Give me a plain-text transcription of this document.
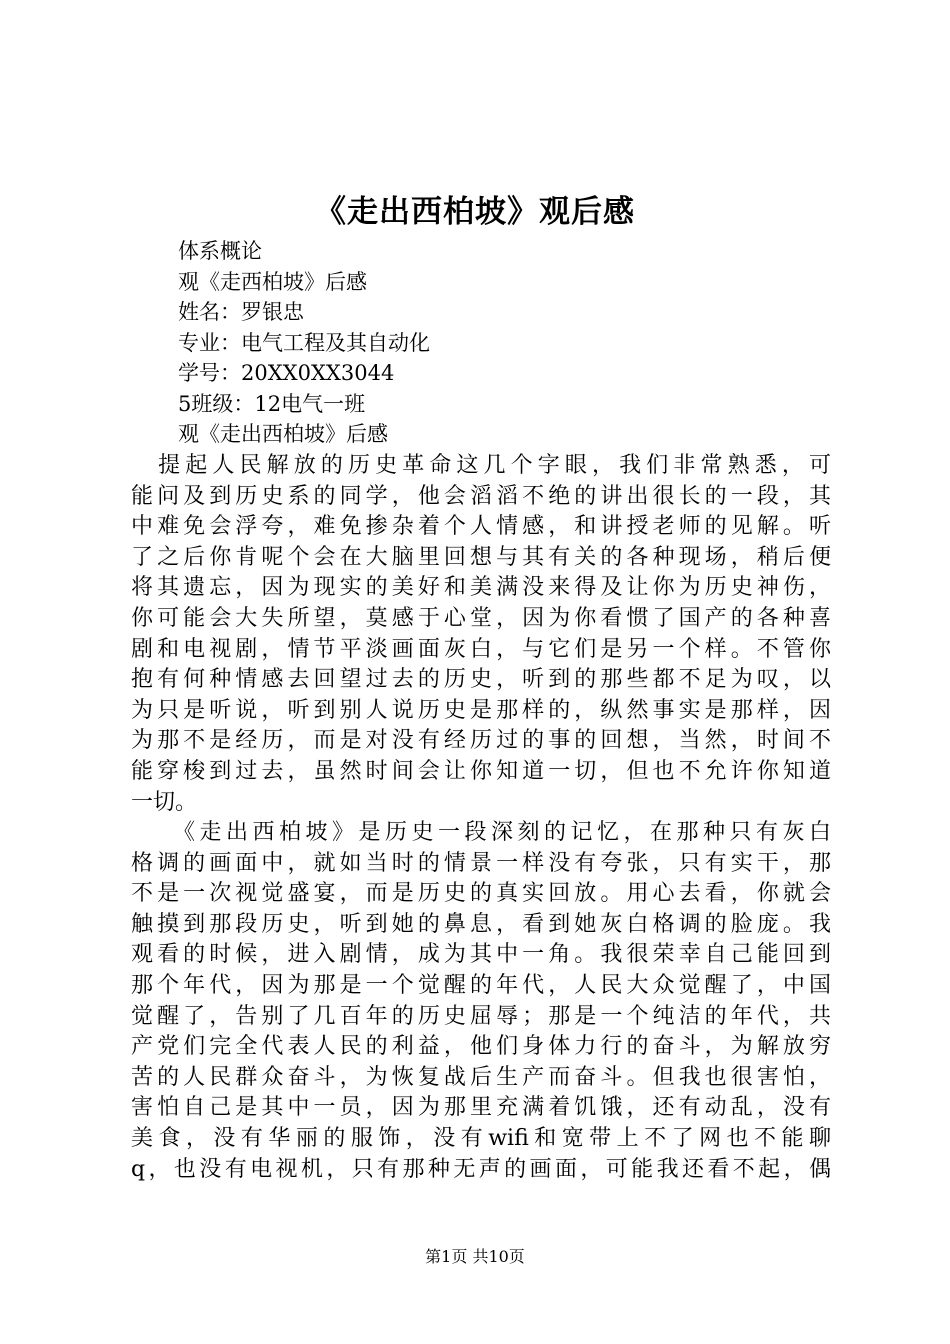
《走出西柏坡》观后感
体系概论
观《走西柏坡》后感
姓名：罗银忠
专业：电气工程及其自动化
学号：20XX0XX3044
5班级：12电气一班
观《走出西柏坡》后感
　提起人民解放的历史革命这几个字眼，我们非常熟悉，可
能问及到历史系的同学，他会滔滔不绝的讲出很长的一段，其
中难免会浮夸，难免掺杂着个人情感，和讲授老师的见解。听
了之后你肯呢个会在大脑里回想与其有关的各种现场，稍后便
将其遗忘，因为现实的美好和美满没来得及让你为历史神伤，
你可能会大失所望，莫感于心堂，因为你看惯了国产的各种喜
剧和电视剧，情节平淡画面灰白，与它们是另一个样。不管你
抱有何种情感去回望过去的历史，听到的那些都不足为叹，以
为只是听说，听到别人说历史是那样的，纵然事实是那样，因
为那不是经历，而是对没有经历过的事的回想，当然，时间不
能穿梭到过去，虽然时间会让你知道一切，但也不允许你知道
一切。
　　《走出西柏坡》是历史一段深刻的记忆，在那种只有灰白
格调的画面中，就如当时的情景一样没有夸张，只有实干，那
不是一次视觉盛宴，而是历史的真实回放。用心去看，你就会
触摸到那段历史，听到她的鼻息，看到她灰白格调的脸庞。我
观看的时候，进入剧情，成为其中一角。我很荣幸自己能回到
那个年代，因为那是一个觉醒的年代，人民大众觉醒了，中国
觉醒了，告别了几百年的历史屈辱；那是一个纯洁的年代，共
产党们完全代表人民的利益，他们身体力行的奋斗，为解放穷
苦的人民群众奋斗，为恢复战后生产而奋斗。但我也很害怕，
害怕自己是其中一员，因为那里充满着饥饿，还有动乱，没有
美食，没有华丽的服饰，没有wifi和宽带上不了网也不能聊
q，也没有电视机，只有那种无声的画面，可能我还看不起，偶
第1页 共10页
